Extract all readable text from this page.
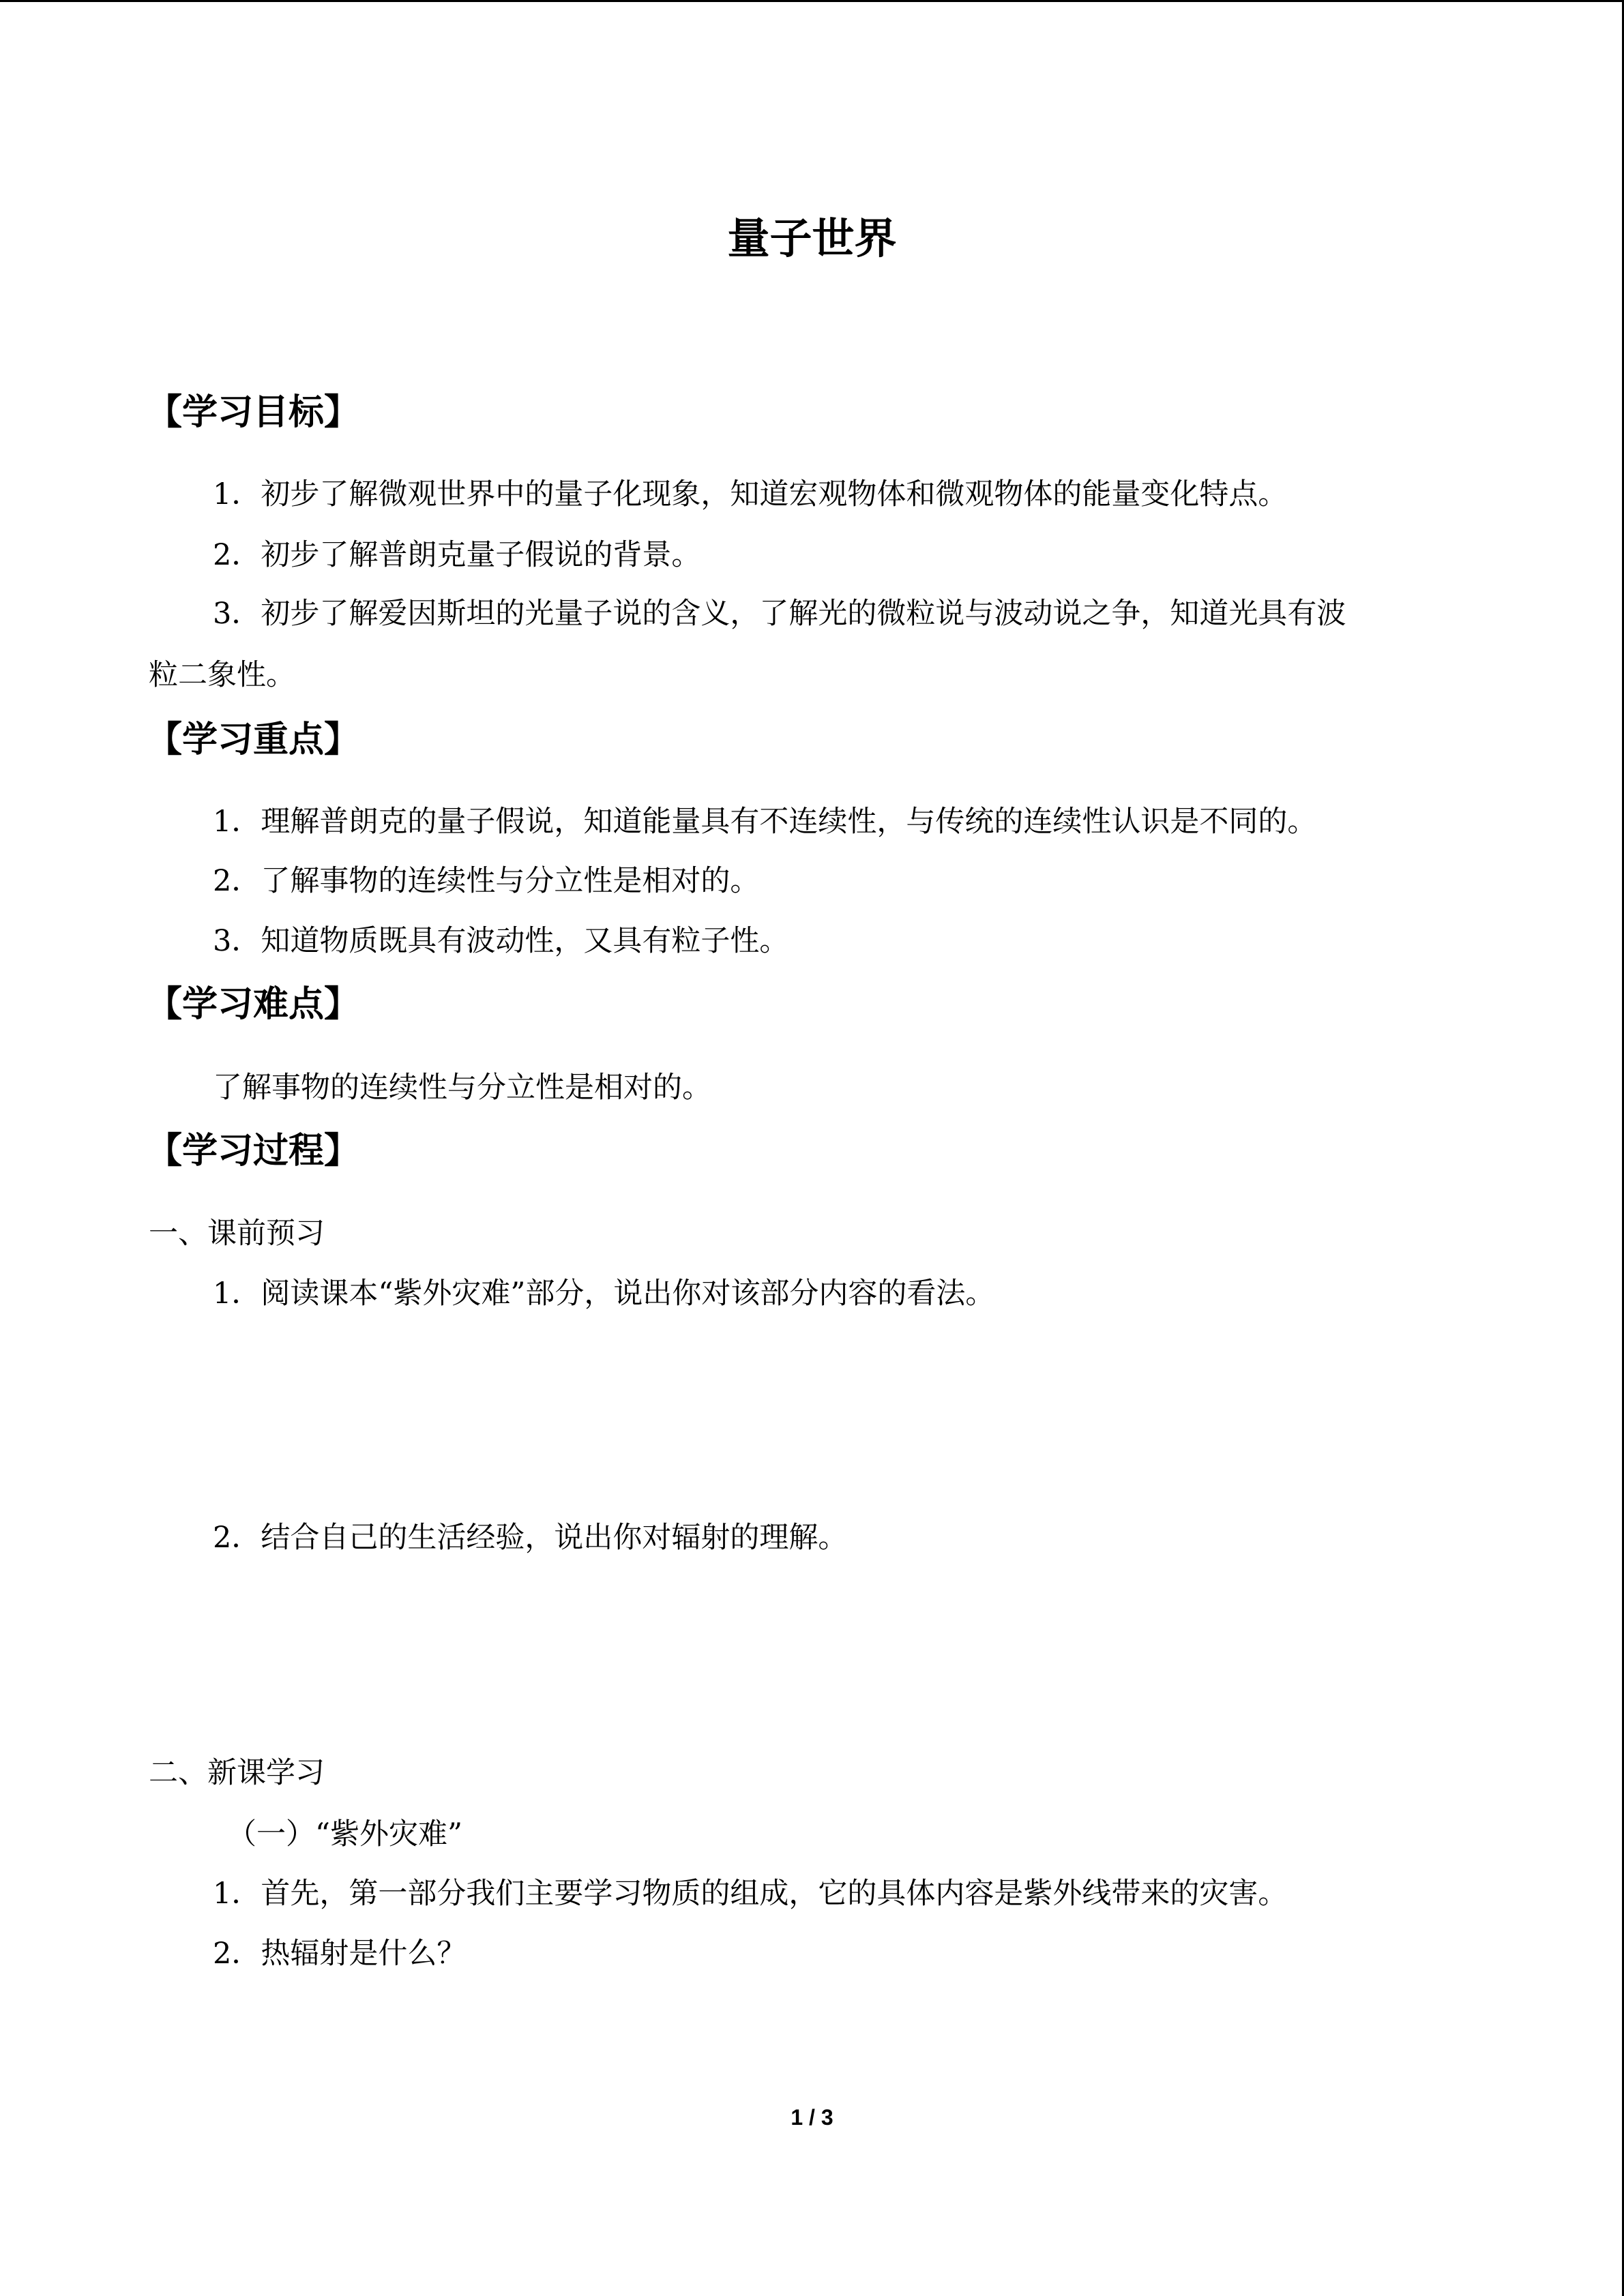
量子世界
【学习目标】
1．初步了解微观世界中的量子化现象，知道宏观物体和微观物体的能量变化特点。
2．初步了解普朗克量子假说的背景。
3．初步了解爱因斯坦的光量子说的含义，了解光的微粒说与波动说之争，知道光具有波
粒二象性。
【学习重点】
1．理解普朗克的量子假说，知道能量具有不连续性，与传统的连续性认识是不同的。
2．了解事物的连续性与分立性是相对的。
3．知道物质既具有波动性，又具有粒子性。
【学习难点】
了解事物的连续性与分立性是相对的。
【学习过程】
一、课前预习
1．阅读课本“紫外灾难”部分，说出你对该部分内容的看法。
2．结合自己的生活经验，说出你对辐射的理解。
二、新课学习
（一）“紫外灾难”
1．首先，第一部分我们主要学习物质的组成，它的具体内容是紫外线带来的灾害。
2．热辐射是什么？
1 / 3
